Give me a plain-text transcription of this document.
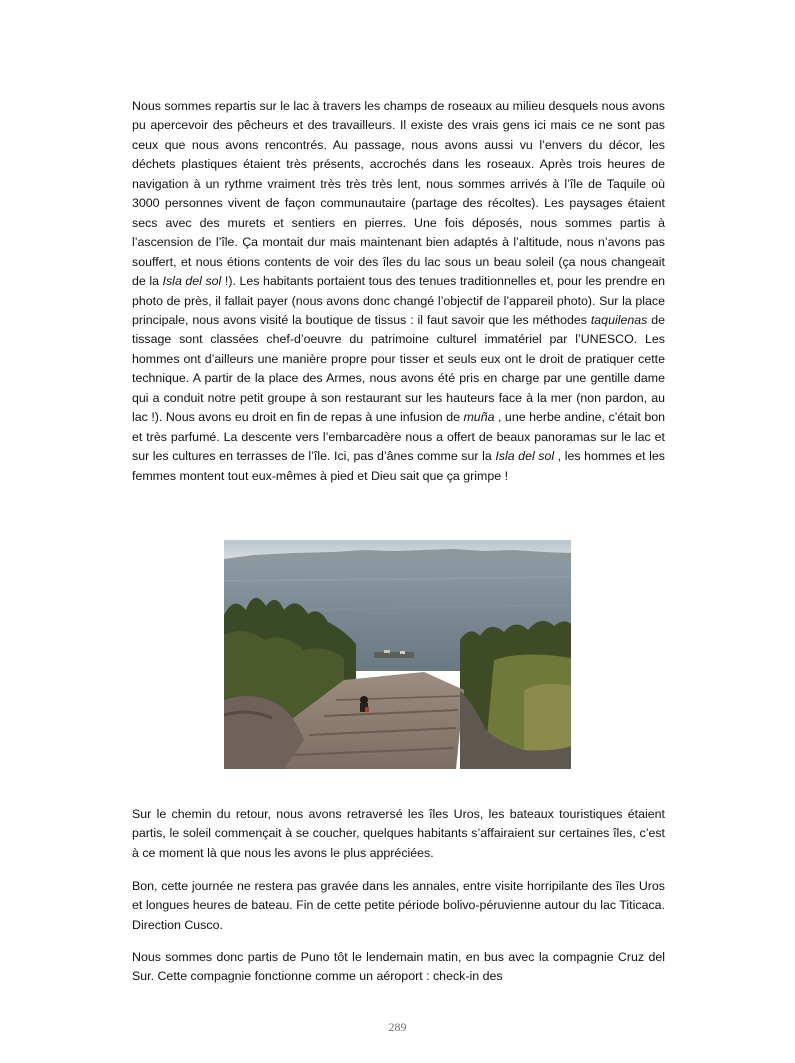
Nous sommes repartis sur le lac à travers les champs de roseaux au milieu desquels nous avons pu apercevoir des pêcheurs et des travailleurs. Il existe des vrais gens ici mais ce ne sont pas ceux que nous avons rencontrés. Au passage, nous avons aussi vu l’envers du décor, les déchets plastiques étaient très présents, accrochés dans les roseaux. Après trois heures de navigation à un rythme vraiment très très très lent, nous sommes arrivés à l’île de Taquile où 3000 personnes vivent de façon communautaire (partage des récoltes). Les paysages étaient secs avec des murets et sentiers en pierres. Une fois déposés, nous sommes partis à l’ascension de l’île. Ça montait dur mais maintenant bien adaptés à l’altitude, nous n’avons pas souffert, et nous étions contents de voir des îles du lac sous un beau soleil (ça nous changeait de la Isla del sol !). Les habitants portaient tous des tenues traditionnelles et, pour les prendre en photo de près, il fallait payer (nous avons donc changé l’objectif de l’appareil photo). Sur la place principale, nous avons visité la boutique de tissus : il faut savoir que les méthodes taquilenas de tissage sont classées chef-d’oeuvre du patrimoine culturel immatériel par l’UNESCO. Les hommes ont d’ailleurs une manière propre pour tisser et seuls eux ont le droit de pratiquer cette technique. A partir de la place des Armes, nous avons été pris en charge par une gentille dame qui a conduit notre petit groupe à son restaurant sur les hauteurs face à la mer (non pardon, au lac !). Nous avons eu droit en fin de repas à une infusion de muña , une herbe andine, c’était bon et très parfumé. La descente vers l’embarcadère nous a offert de beaux panoramas sur le lac et sur les cultures en terrasses de l’île. Ici, pas d’ânes comme sur la Isla del sol , les hommes et les femmes montent tout eux-mêmes à pied et Dieu sait que ça grimpe !

Sur le chemin du retour, nous avons retraversé les îles Uros, les bateaux touristiques étaient partis, le soleil commençait à se coucher, quelques habitants s’affairaient sur certaines îles, c’est à ce moment là que nous les avons le plus appréciées.

Bon, cette journée ne restera pas gravée dans les annales, entre visite horripilante des îles Uros et longues heures de bateau. Fin de cette petite période bolivo-péruvienne autour du lac Titicaca. Direction Cusco.

Nous sommes donc partis de Puno tôt le lendemain matin, en bus avec la compagnie Cruz del Sur. Cette compagnie fonctionne comme un aéroport : check-in des

289
